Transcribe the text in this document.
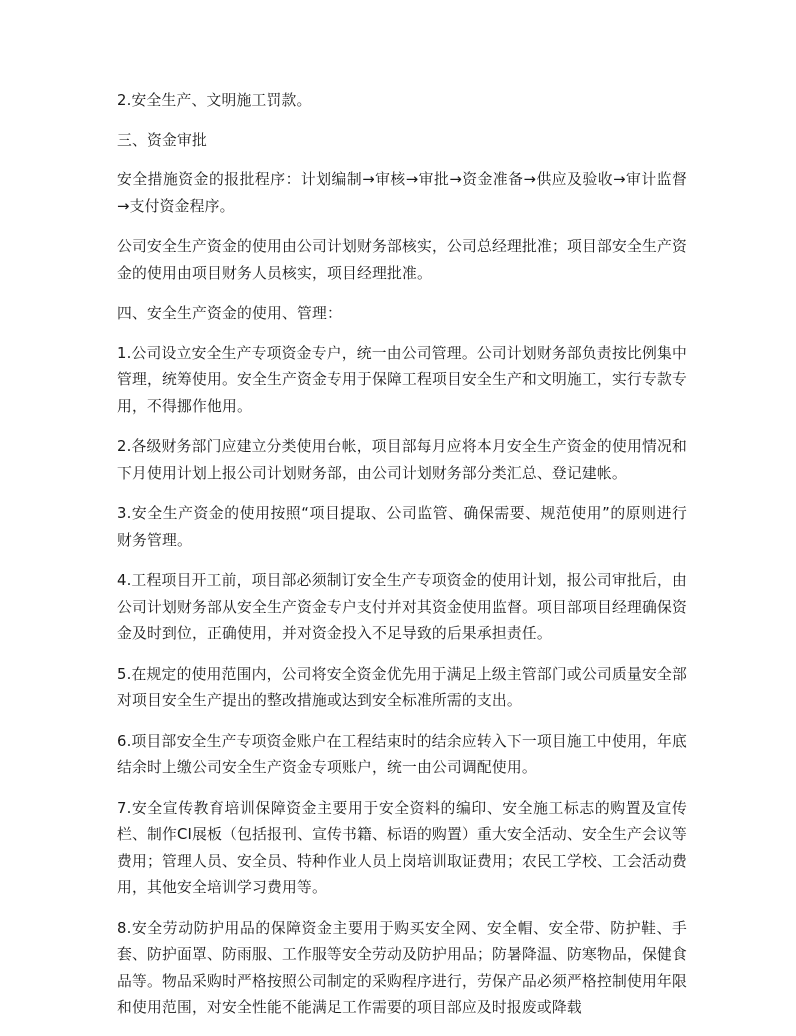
2.安全生产、文明施工罚款。

三、资金审批

安全措施资金的报批程序：计划编制→审核→审批→资金准备→供应及验收→审计监督→支付资金程序。

公司安全生产资金的使用由公司计划财务部核实，公司总经理批准；项目部安全生产资金的使用由项目财务人员核实，项目经理批准。

四、安全生产资金的使用、管理：

1.公司设立安全生产专项资金专户，统一由公司管理。公司计划财务部负责按比例集中管理，统筹使用。安全生产资金专用于保障工程项目安全生产和文明施工，实行专款专用，不得挪作他用。

2.各级财务部门应建立分类使用台帐，项目部每月应将本月安全生产资金的使用情况和下月使用计划上报公司计划财务部，由公司计划财务部分类汇总、登记建帐。

3.安全生产资金的使用按照“项目提取、公司监管、确保需要、规范使用”的原则进行财务管理。

4.工程项目开工前，项目部必须制订安全生产专项资金的使用计划，报公司审批后，由公司计划财务部从安全生产资金专户支付并对其资金使用监督。项目部项目经理确保资金及时到位，正确使用，并对资金投入不足导致的后果承担责任。

5.在规定的使用范围内，公司将安全资金优先用于满足上级主管部门或公司质量安全部对项目安全生产提出的整改措施或达到安全标准所需的支出。

6.项目部安全生产专项资金账户在工程结束时的结余应转入下一项目施工中使用，年底结余时上缴公司安全生产资金专项账户，统一由公司调配使用。

7.安全宣传教育培训保障资金主要用于安全资料的编印、安全施工标志的购置及宣传栏、制作CI展板（包括报刊、宣传书籍、标语的购置）重大安全活动、安全生产会议等费用；管理人员、安全员、特种作业人员上岗培训取证费用；农民工学校、工会活动费用，其他安全培训学习费用等。

8.安全劳动防护用品的保障资金主要用于购买安全网、安全帽、安全带、防护鞋、手套、防护面罩、防雨服、工作服等安全劳动及防护用品；防暑降温、防寒物品，保健食品等。物品采购时严格按照公司制定的采购程序进行，劳保产品必须严格控制使用年限和使用范围，对安全性能不能满足工作需要的项目部应及时报废或降载
